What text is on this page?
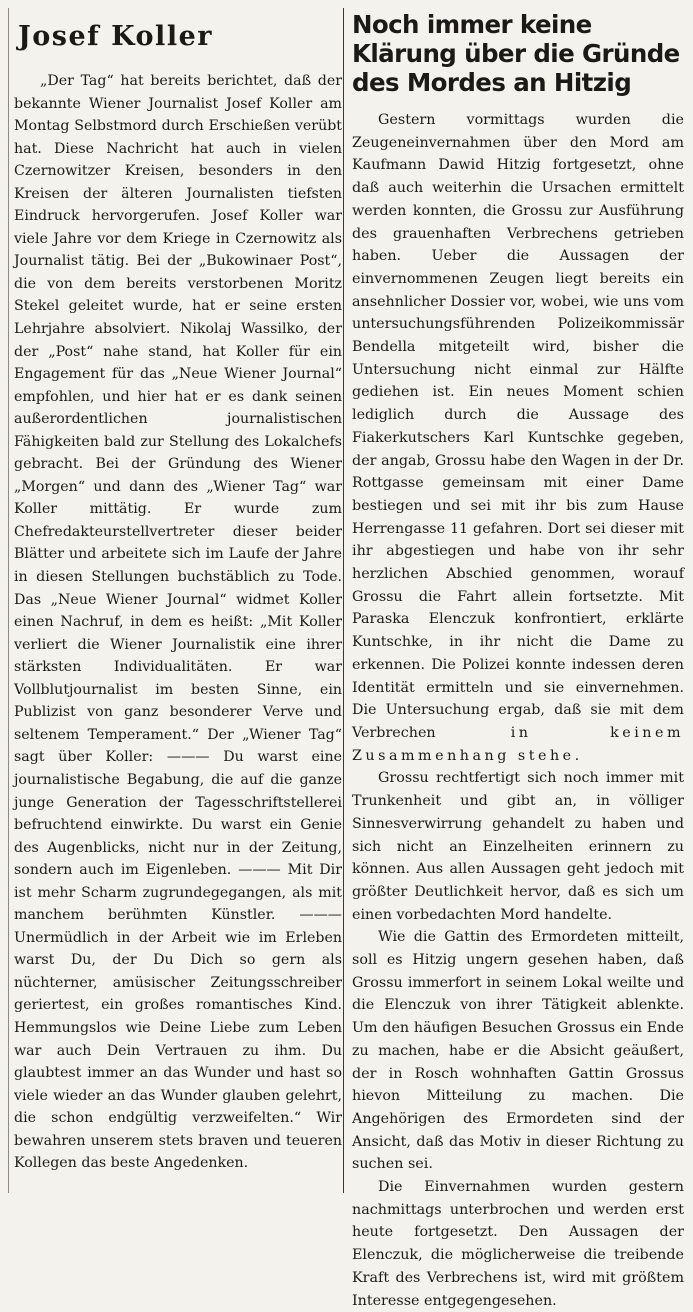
Josef Koller

„Der Tag“ hat bereits berichtet, daß der bekannte Wiener Journalist Josef Koller am Montag Selbstmord durch Erschießen verübt hat. Diese Nachricht hat auch in vielen Czernowitzer Kreisen, besonders in den Kreisen der älteren Journalisten tiefsten Eindruck hervorgerufen. Josef Koller war viele Jahre vor dem Kriege in Czernowitz als Journalist tätig. Bei der „Bukowinaer Post“, die von dem bereits verstorbenen Moritz Stekel geleitet wurde, hat er seine ersten Lehrjahre absolviert. Nikolaj Wassilko, der der „Post“ nahe stand, hat Koller für ein Engagement für das „Neue Wiener Journal“ empfohlen, und hier hat er es dank seinen außerordentlichen journalistischen Fähigkeiten bald zur Stellung des Lokalchefs gebracht. Bei der Gründung des Wiener „Morgen“ und dann des „Wiener Tag“ war Koller mittätig. Er wurde zum Chefredakteurstellvertreter dieser beider Blätter und arbeitete sich im Laufe der Jahre in diesen Stellungen buchstäblich zu Tode. Das „Neue Wiener Journal“ widmet Koller einen Nachruf, in dem es heißt: „Mit Koller verliert die Wiener Journalistik eine ihrer stärksten Individualitäten. Er war Vollblutjournalist im besten Sinne, ein Publizist von ganz besonderer Verve und seltenem Temperament.“ Der „Wiener Tag“ sagt über Koller: ——— Du warst eine journalistische Begabung, die auf die ganze junge Generation der Tagesschriftstellerei befruchtend einwirkte. Du warst ein Genie des Augenblicks, nicht nur in der Zeitung, sondern auch im Eigenleben. ——— Mit Dir ist mehr Scharm zugrundegegangen, als mit manchem berühmten Künstler. ——— Unermüdlich in der Arbeit wie im Erleben warst Du, der Du Dich so gern als nüchterner, amüsischer Zeitungsschreiber geriertest, ein großes romantisches Kind. Hemmungslos wie Deine Liebe zum Leben war auch Dein Vertrauen zu ihm. Du glaubtest immer an das Wunder und hast so viele wieder an das Wunder glauben gelehrt, die schon endgültig verzweifelten.“ Wir bewahren unserem stets braven und teueren Kollegen das beste Angedenken.

Noch immer keine Klärung über die Gründe des Mordes an Hitzig

Gestern vormittags wurden die Zeugeneinvernahmen über den Mord am Kaufmann Dawid Hitzig fortgesetzt, ohne daß auch weiterhin die Ursachen ermittelt werden konnten, die Grossu zur Ausführung des grauenhaften Verbrechens getrieben haben. Ueber die Aussagen der einvernommenen Zeugen liegt bereits ein ansehnlicher Dossier vor, wobei, wie uns vom untersuchungsführenden Polizeikommissär Bendella mitgeteilt wird, bisher die Untersuchung nicht einmal zur Hälfte gediehen ist. Ein neues Moment schien lediglich durch die Aussage des Fiakerkutschers Karl Kuntschke gegeben, der angab, Grossu habe den Wagen in der Dr. Rottgasse gemeinsam mit einer Dame bestiegen und sei mit ihr bis zum Hause Herrengasse 11 gefahren. Dort sei dieser mit ihr abgestiegen und habe von ihr sehr herzlichen Abschied genommen, worauf Grossu die Fahrt allein fortsetzte. Mit Paraska Elenczuk konfrontiert, erklärte Kuntschke, in ihr nicht die Dame zu erkennen. Die Polizei konnte indessen deren Identität ermitteln und sie einvernehmen. Die Untersuchung ergab, daß sie mit dem Verbrechen	in keinem Zusammenhang stehe.

Grossu rechtfertigt sich noch immer mit Trunkenheit und gibt an, in völliger Sinnesverwirrung gehandelt zu haben und sich nicht an Einzelheiten erinnern zu können. Aus allen Aussagen geht jedoch mit größter Deutlichkeit hervor, daß es sich um einen vorbedachten Mord handelte.

Wie die Gattin des Ermordeten mitteilt, soll es Hitzig ungern gesehen haben, daß Grossu immerfort in seinem Lokal weilte und die Elenczuk von ihrer Tätigkeit ablenkte. Um den häufigen Besuchen Grossus ein Ende zu machen, habe er die Absicht geäußert, der in Rosch wohnhaften Gattin Grossus hievon Mitteilung zu machen. Die Angehörigen des Ermordeten sind der Ansicht, daß das Motiv in dieser Richtung zu suchen sei.

Die Einvernahmen wurden gestern nachmittags unterbrochen und werden erst heute fortgesetzt. Den Aussagen der Elenczuk, die möglicherweise die treibende Kraft des Verbrechens ist, wird mit größtem Interesse entgegengesehen.
